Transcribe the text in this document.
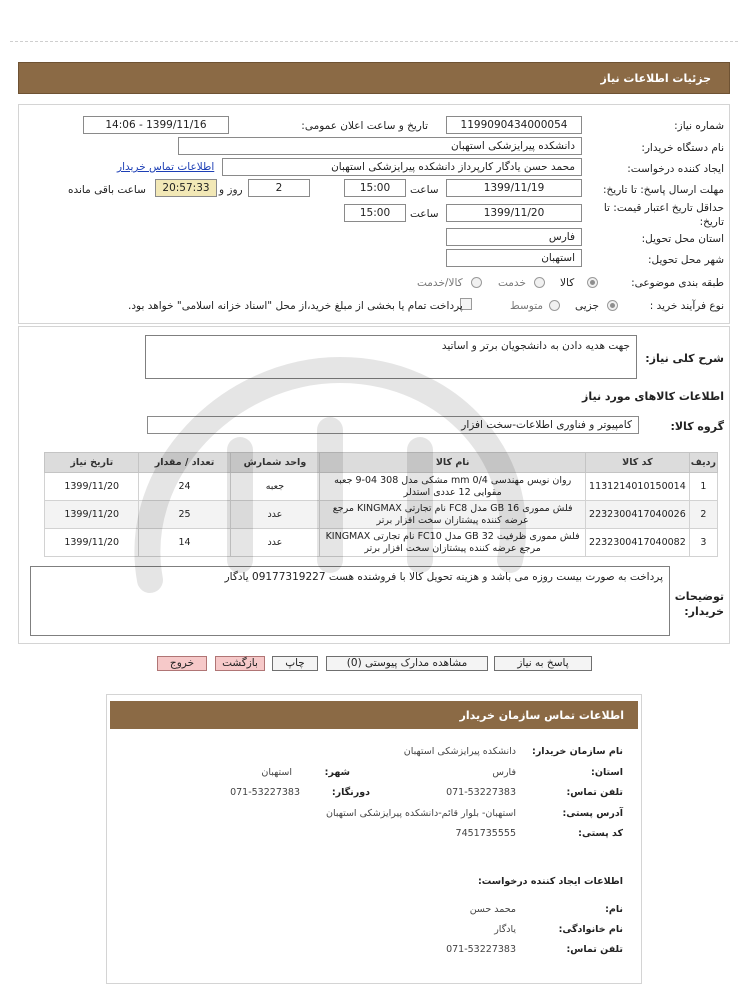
جزئیات اطلاعات نیاز
شماره نیاز:
1199090434000054
تاریخ و ساعت اعلان عمومی:
1399/11/16 - 14:06
نام دستگاه خریدار:
دانشکده پیرایزشکی استهبان
ایجاد کننده درخواست:
محمد حسن یادگار کارپرداز دانشکده پیرایزشکی استهبان
اطلاعات تماس خریدار
مهلت ارسال پاسخ: تا تاریخ:
1399/11/19
ساعت
15:00
2
روز و
20:57:33
ساعت باقی مانده
حداقل تاریخ اعتبار قیمت: تا
تاریخ:
1399/11/20
ساعت
15:00
استان محل تحویل:
فارس
شهر محل تحویل:
استهبان
طبقه بندی موضوعی:
کالا
خدمت
کالا/خدمت
نوع فرآیند خرید :
جزیی
متوسط
پرداخت تمام یا بخشی از مبلغ خرید،از محل "اسناد خزانه اسلامی" خواهد بود.
شرح کلی نیاز:
جهت هدیه دادن به دانشجویان برتر و اساتید
اطلاعات کالاهای مورد نیاز
گروه کالا:
کامپیوتر و فناوری اطلاعات-سخت افزار
ردیف	کد کالا	نام کالا	واحد شمارش	تعداد / مقدار	تاریخ نیاز
1	1131214010150014	روان نویس مهندسی mm 0/4 مشکی مدل 308 04-9 جعبه
مقوایی 12 عددی استدلر	جعبه	24	1399/11/20
2	2232300417040026	فلش مموری GB 16 مدل FC8 نام تجارتی KINGMAX مرجع
عرضه کننده پیشتازان سخت افزار برتر	عدد	25	1399/11/20
3	2232300417040082	فلش مموری ظرفیت GB 32 مدل FC10 نام تجارتی KINGMAX
مرجع عرضه کننده پیشتازان سخت افزار برتر	عدد	14	1399/11/20
توضیحات
خریدار:
پرداخت به صورت بیست روزه می باشد و هزینه تحویل کالا با فروشنده هست 09177319227 یادگار
پاسخ به نیاز
مشاهده مدارک پیوستی (0)
چاپ
بازگشت
خروج
اطلاعات تماس سازمان خریدار
نام سازمان خریدار:
دانشکده پیرایزشکی استهبان
استان:
فارس
شهر:
استهبان
تلفن تماس:
071-53227383
دورنگار:
071-53227383
آدرس پستی:
استهبان- بلوار قائم-دانشکده پیرایزشکی استهبان
کد پستی:
7451735555
اطلاعات ایجاد کننده درخواست:
نام:
محمد حسن
نام خانوادگی:
یادگار
تلفن تماس:
071-53227383
